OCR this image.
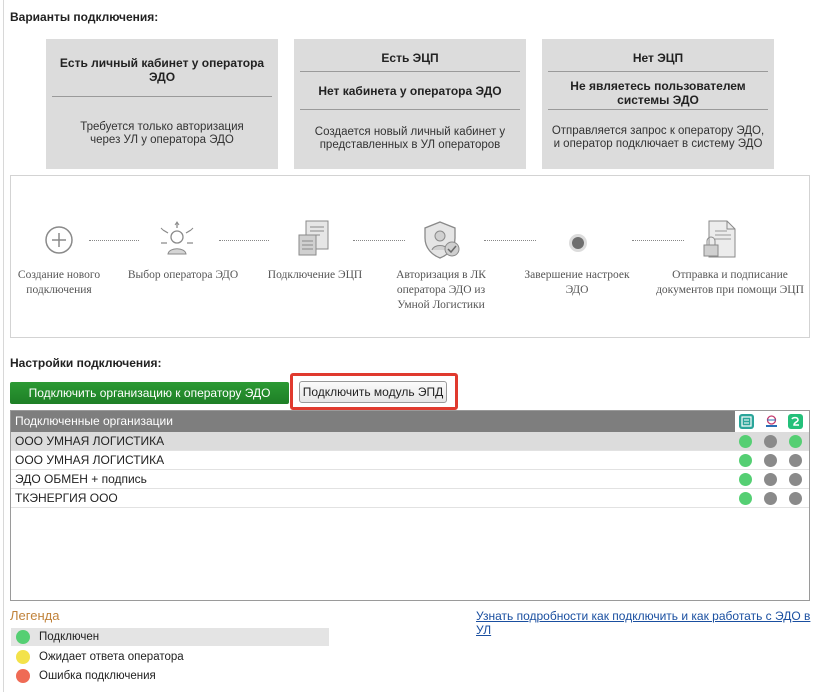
Варианты подключения:
Есть личный кабинет у оператора ЭДО
Требуется только авторизация через УЛ у оператора ЭДО
Есть ЭЦП
Нет кабинета у оператора ЭДО
Создается новый личный кабинет у представленных в УЛ операторов
Нет ЭЦП
Не являетесь пользователем системы ЭДО
Отправляется запрос к оператору ЭДО, и оператор подключает в систему ЭДО
Создание нового подключения
Выбор оператора ЭДО	Подключение ЭЦП	Авторизация в ЛК оператора ЭДО из Умной Логистики
Завершение настроек ЭДО
Отправка и подписание документов при помощи ЭЦП
Настройки подключения:
Подключить организацию к оператору ЭДО	Подключить модуль ЭПД
Подключенные организации
ООО УМНАЯ ЛОГИСТИКА
ООО УМНАЯ ЛОГИСТИКА
ЭДО ОБМЕН + подпись
ТКЭНЕРГИЯ ООО
Легенда	Узнать подробности как подключить и как работать с ЭДО в УЛ
Подключен
Ожидает ответа оператора
Ошибка подключения
